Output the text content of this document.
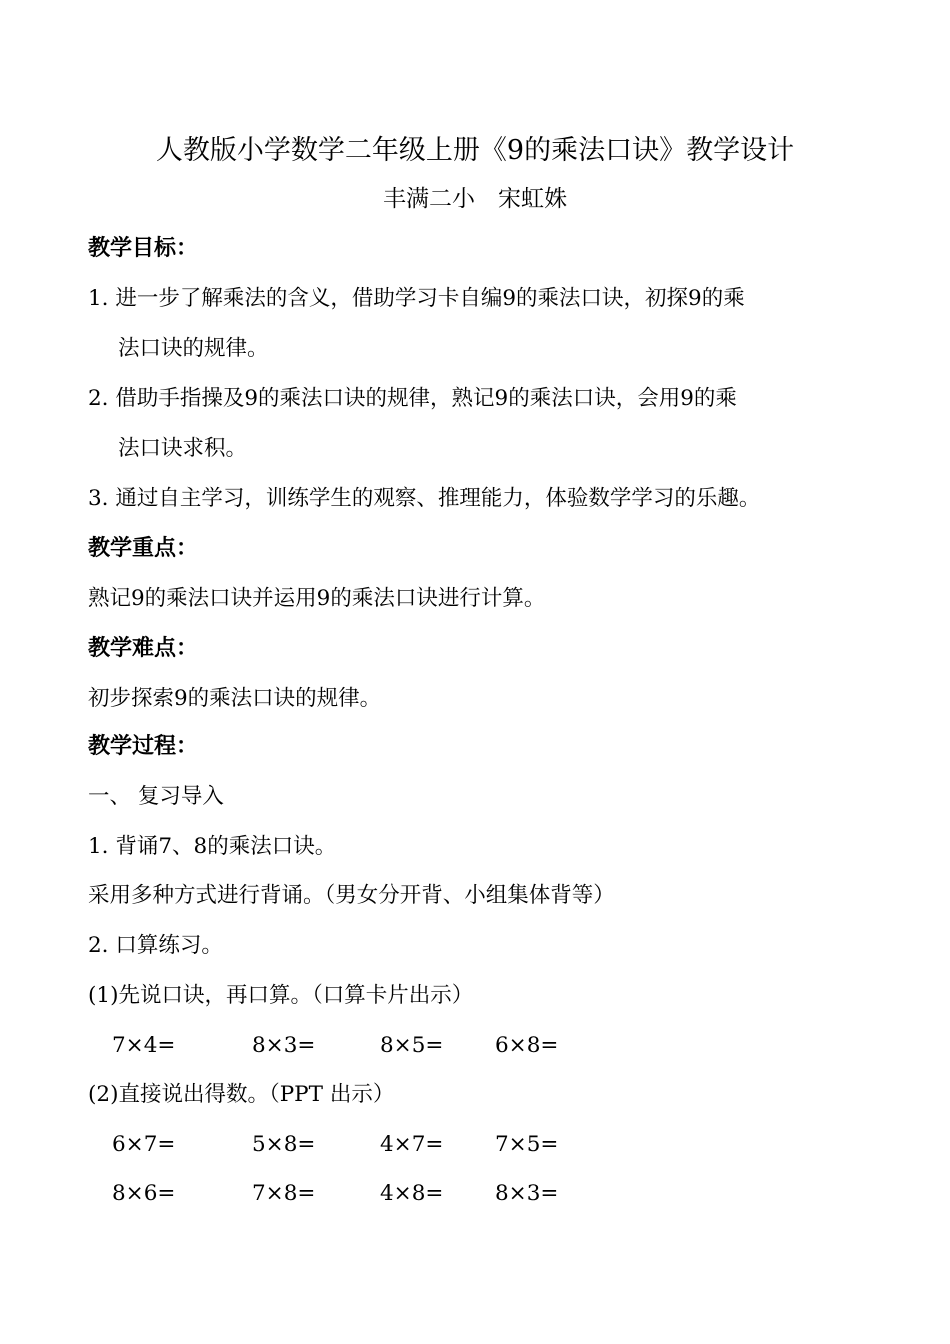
人教版小学数学二年级上册《9的乘法口诀》教学设计
丰满二小　宋虹姝
教学目标：
1. 进一步了解乘法的含义，借助学习卡自编9的乘法口诀，初探9的乘
法口诀的规律。
2. 借助手指操及9的乘法口诀的规律，熟记9的乘法口诀，会用9的乘
法口诀求积。
3. 通过自主学习，训练学生的观察、推理能力，体验数学学习的乐趣。
教学重点：
熟记9的乘法口诀并运用9的乘法口诀进行计算。
教学难点：
初步探索9的乘法口诀的规律。
教学过程：
一、 复习导入
1. 背诵7、8的乘法口诀。
采用多种方式进行背诵。（男女分开背、小组集体背等）
2. 口算练习。
(1)先说口诀，再口算。（口算卡片出示）
7×4=	8×3=	8×5= 6×8=
(2)直接说出得数。（PPT 出示）
6×7=	5×8=	4×7= 7×5=
8×6=	7×8=	4×8= 8×3=
